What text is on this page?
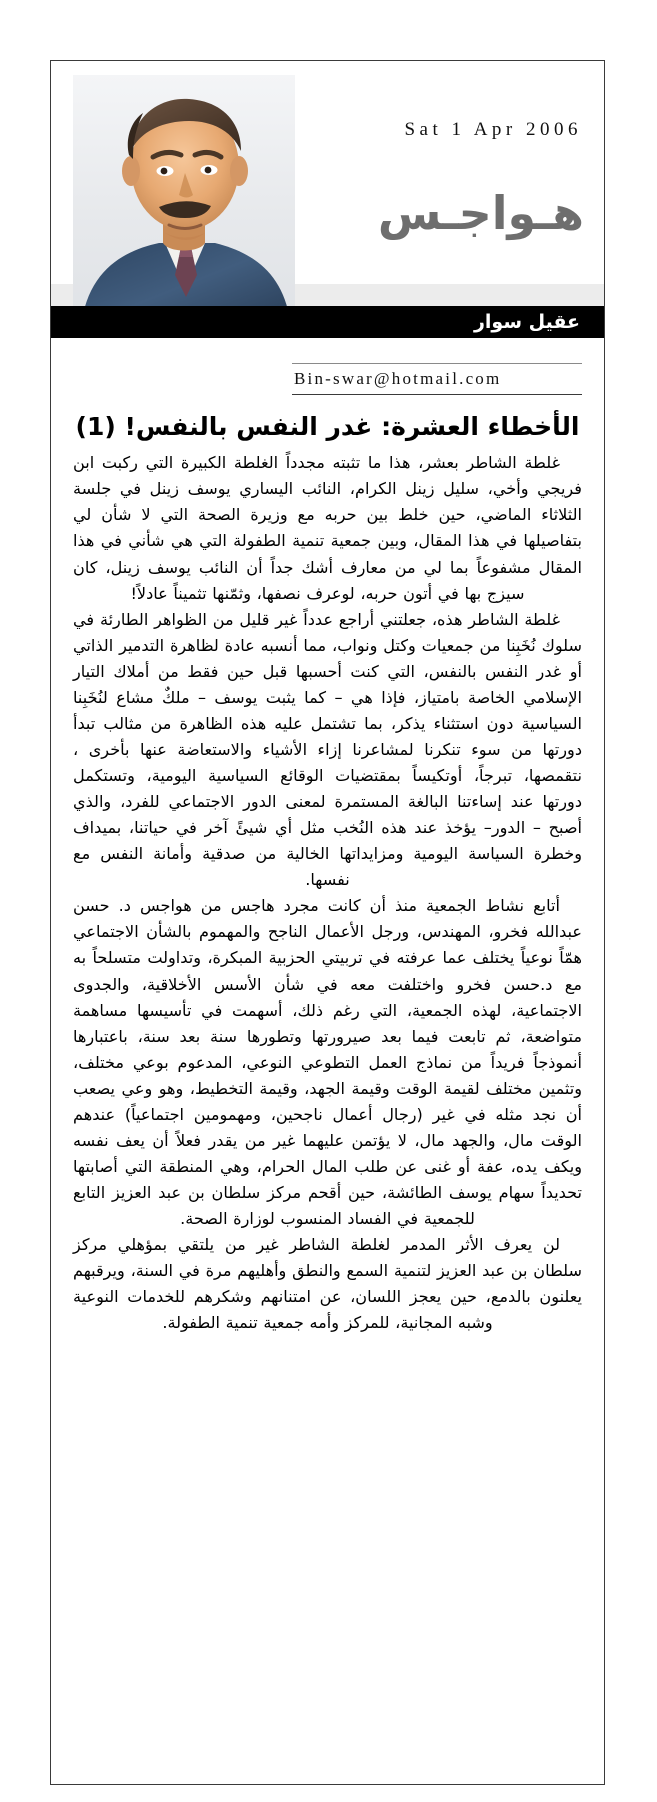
Sat 1 Apr 2006
هـواجـس
عقيل سوار
Bin-swar@hotmail.com
الأخطاء العشرة: غدر النفس بالنفس! (1)

غلطة الشاطر بعشر، هذا ما تثبته مجدداً الغلطة الكبيرة التي ركبت ابن فريجي وأخي، سليل زينل الكرام، النائب اليساري يوسف زينل في جلسة الثلاثاء الماضي، حين خلط بين حربه مع وزيرة الصحة التي لا شأن لي بتفاصيلها في هذا المقال، وبين جمعية تنمية الطفولة التي هي شأني في هذا المقال مشفوعاً بما لي من معارف أشك جداً أن النائب يوسف زينل، كان سيزج بها في أتون حربه، لوعرف نصفها، وثمّنها تثميناً عادلاً!

غلطة الشاطر هذه، جعلتني أراجع عدداً غير قليل من الظواهر الطارئة في سلوك نُخَبِنا من جمعيات وكتل ونواب، مما أنسبه عادة لظاهرة التدمير الذاتي أو غدر النفس بالنفس، التي كنت أحسبها قبل حين فقط من أملاك التيار الإسلامي الخاصة بامتياز، فإذا هي – كما يثبت يوسف – ملكٌ مشاع لنُخَبِنا السياسية دون استثناء يذكر، بما تشتمل عليه هذه الظاهرة من مثالب تبدأ دورتها من سوء تنكرنا لمشاعرنا إزاء الأشياء والاستعاضة عنها بأخرى ، نتقمصها، تبرجاً، أوتكيساً بمقتضيات الوقائع السياسية اليومية، وتستكمل دورتها عند إساءتنا البالغة المستمرة لمعنى الدور الاجتماعي للفرد، والذي أصبح – الدور– يؤخذ عند هذه النُخب مثل أي شيئً آخر في حياتنا، بميداف وخطرة السياسة اليومية ومزايداتها الخالية من صدقية وأمانة النفس مع نفسها.

أتابع نشاط الجمعية منذ أن كانت مجرد هاجس من هواجس د. حسن عبدالله فخرو، المهندس، ورجل الأعمال الناجح والمهموم بالشأن الاجتماعي همّاً نوعياً يختلف عما عرفته في تربيتي الحزبية المبكرة، وتداولت متسلحاً به مع د.حسن فخرو واختلفت معه في شأن الأسس الأخلاقية، والجدوى الاجتماعية، لهذه الجمعية، التي رغم ذلك، أسهمت في تأسيسها مساهمة متواضعة، ثم تابعت فيما بعد صيرورتها وتطورها سنة بعد سنة، باعتبارها أنموذجاً فريداً من نماذج العمل التطوعي النوعي، المدعوم بوعي مختلف، وتثمين مختلف لقيمة الوقت وقيمة الجهد، وقيمة التخطيط، وهو وعي يصعب أن نجد مثله في غير (رجال أعمال ناجحين، ومهمومين اجتماعياً) عندهم الوقت مال، والجهد مال، لا يؤتمن عليهما غير من يقدر فعلاً أن يعف نفسه ويكف يده، عفة أو غنى عن طلب المال الحرام، وهي المنطقة التي أصابتها تحديداً سهام يوسف الطائشة، حين أقحم مركز سلطان بن عبد العزيز التابع للجمعية في الفساد المنسوب لوزارة الصحة.

لن يعرف الأثر المدمر لغلطة الشاطر غير من يلتقي بمؤهلي مركز سلطان بن عبد العزيز لتنمية السمع والنطق وأهليهم مرة في السنة، ويرقبهم يعلنون بالدمع، حين يعجز اللسان، عن امتنانهم وشكرهم للخدمات النوعية وشبه المجانية، للمركز وأمه جمعية تنمية الطفولة.
